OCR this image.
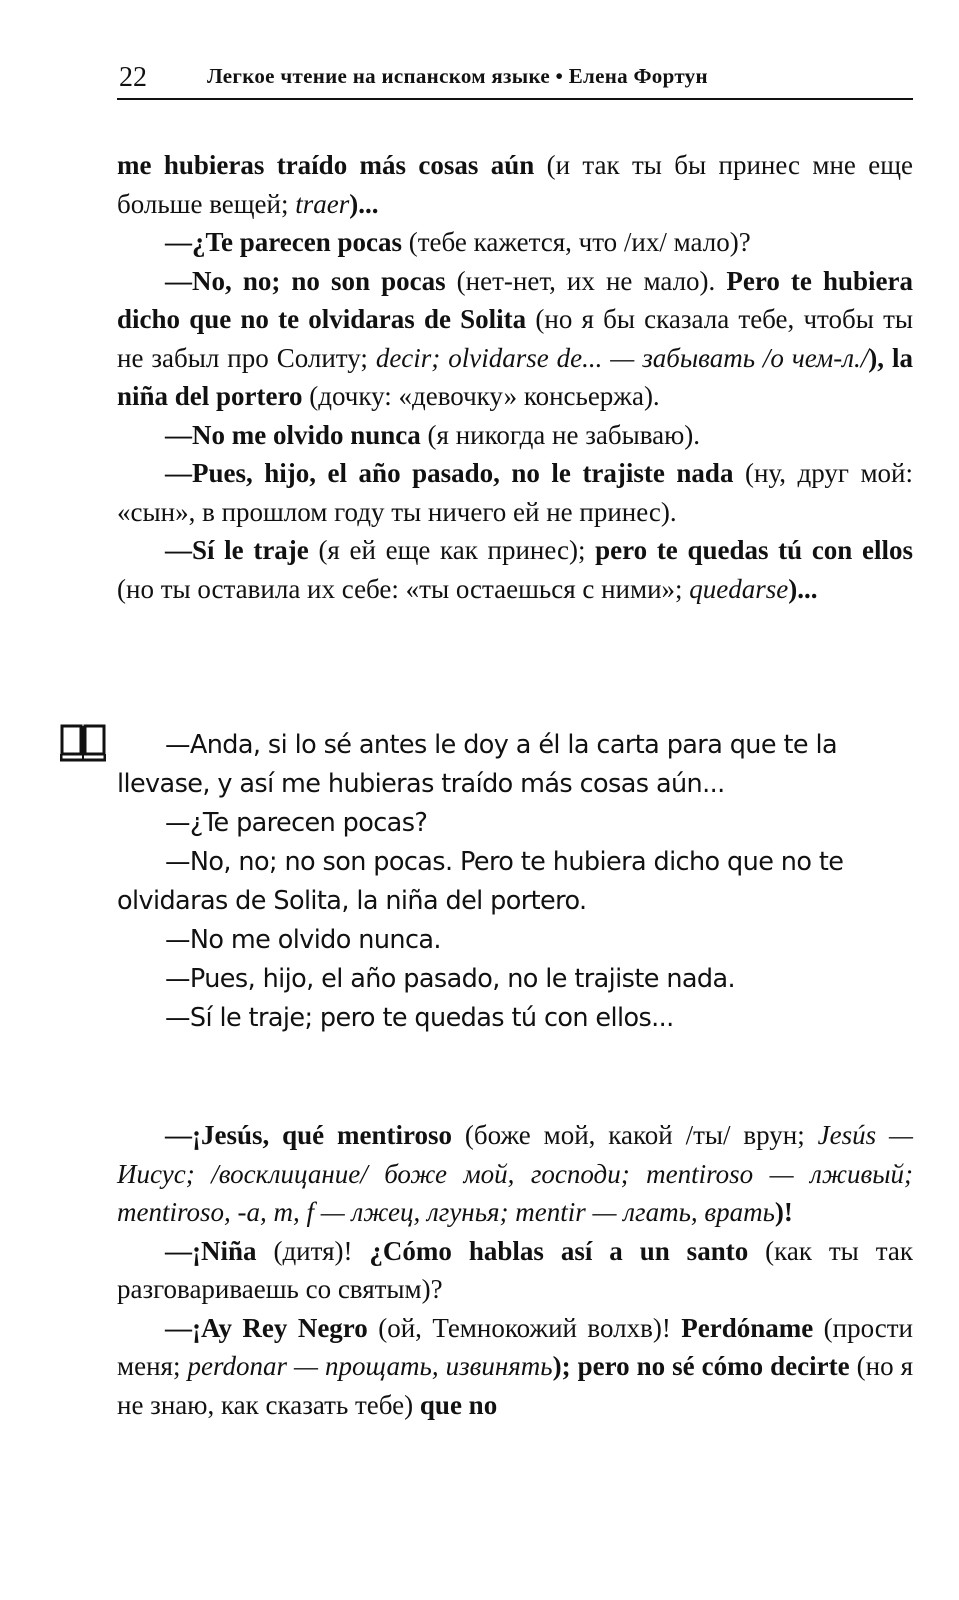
22	Легкое чтение на испанском языке • Елена Фортун

me hubieras traído más cosas aún (и так ты бы принес мне еще больше вещей; traer)...

—¿Te parecen pocas (тебе кажется, что /их/ мало)?

—No, no; no son pocas (нет-нет, их не мало). Pero te hubiera dicho que no te olvidaras de Solita (но я бы сказала тебе, чтобы ты не забыл про Солиту; decir; olvidarse de... — забывать /о чем-л./), la niña del portero (дочку: «девочку» консьержа).

—No me olvido nunca (я никогда не забываю).

—Pues, hijo, el año pasado, no le trajiste nada (ну, друг мой: «сын», в прошлом году ты ничего ей не принес).

—Sí le traje (я ей еще как принес); pero te quedas tú con ellos (но ты оставила их себе: «ты остаешься с ними»; quedarse)...

—Anda, si lo sé antes le doy a él la carta para que te la llevase, y así me hubieras traído más cosas aún...

—¿Te parecen pocas?

—No, no; no son pocas. Pero te hubiera dicho que no te olvidaras de Solita, la niña del portero.

—No me olvido nunca.

—Pues, hijo, el año pasado, no le trajiste nada.

—Sí le traje; pero te quedas tú con ellos...

—¡Jesús, qué mentiroso (боже мой, какой /ты/ врун; Jesús — Иисус; /восклицание/ боже мой, господи; mentiroso — лживый; mentiroso, -a, m, f — лжец, лгунья; mentir — лгать, врать)!

—¡Niña (дитя)! ¿Cómo hablas así a un santo (как ты так разговариваешь со святым)?

—¡Ay Rey Negro (ой, Темнокожий волхв)! Perdóname (прости меня; perdonar — прощать, извинять); pero no sé cómo decirte (но я не знаю, как сказать тебе) que no
